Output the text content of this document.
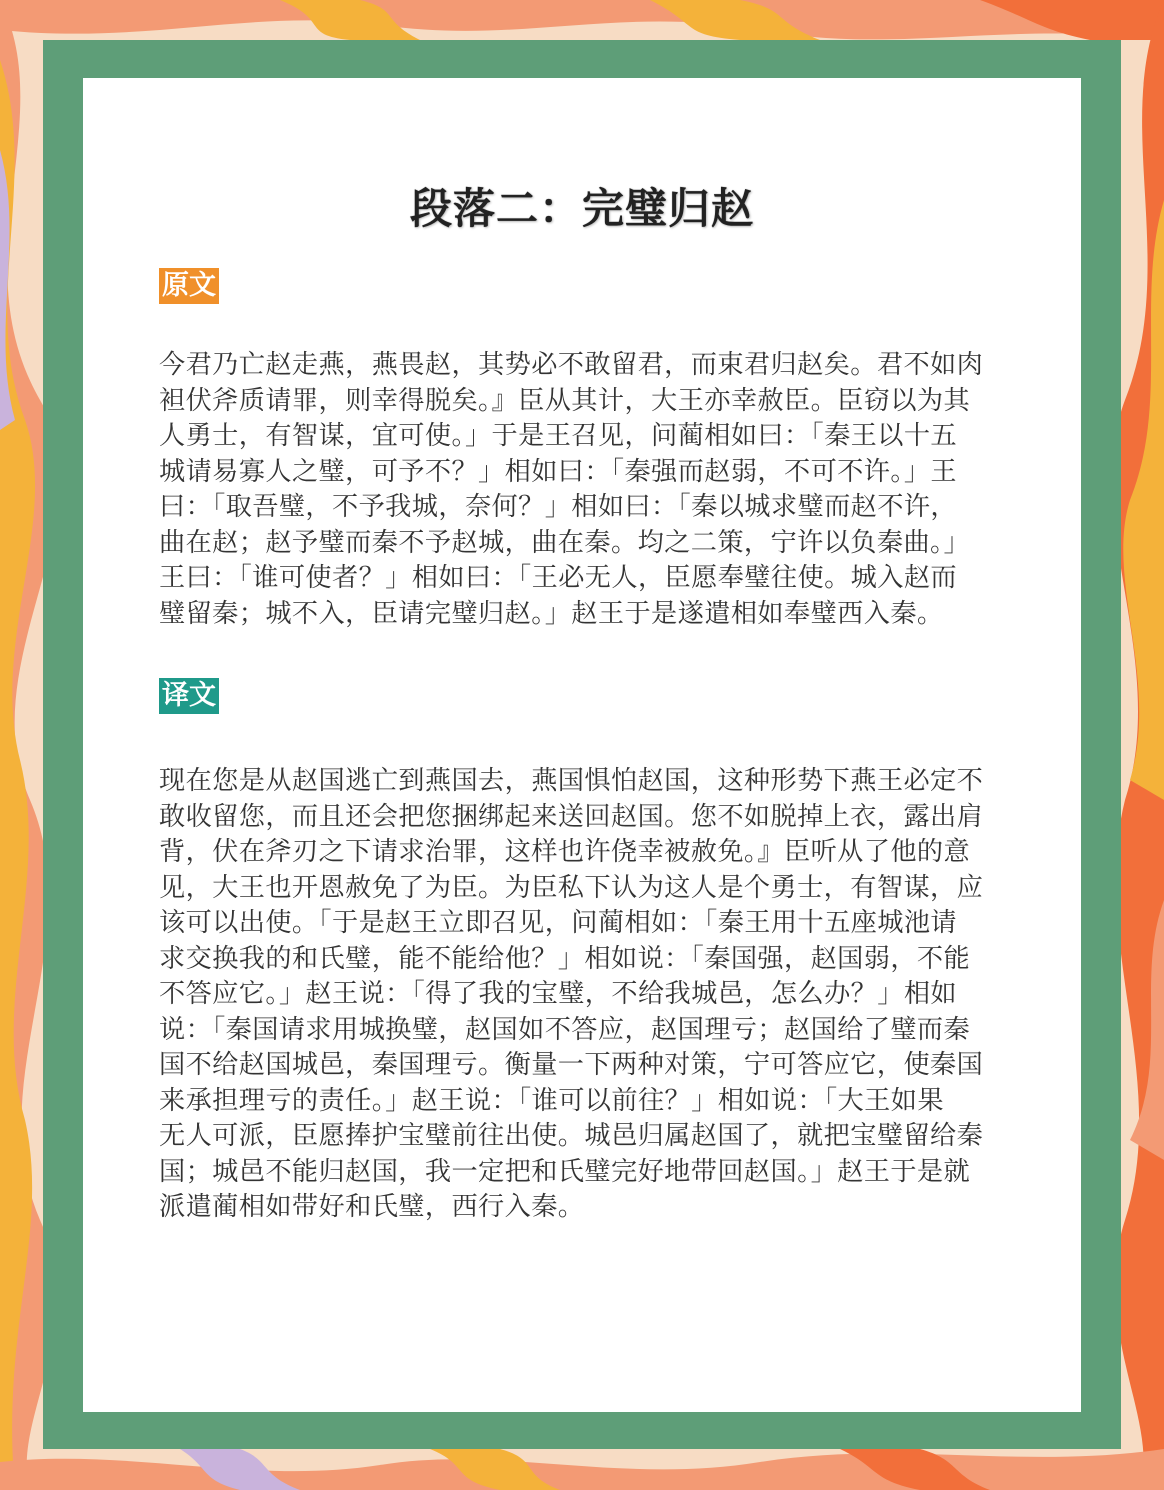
段落二：完璧归赵
原文
今君乃亡赵走燕，燕畏赵，其势必不敢留君，而束君归赵矣。君不如肉
袒伏斧质请罪，则幸得脱矣。』臣从其计，大王亦幸赦臣。臣窃以为其
人勇士，有智谋，宜可使。」于是王召见，问蔺相如曰：「秦王以十五
城请易寡人之璧，可予不？」相如曰：「秦强而赵弱，不可不许。」王
曰：「取吾璧，不予我城，奈何？」相如曰：「秦以城求璧而赵不许，
曲在赵；赵予璧而秦不予赵城，曲在秦。均之二策，宁许以负秦曲。」
王曰：「谁可使者？」相如曰：「王必无人，臣愿奉璧往使。城入赵而
璧留秦；城不入，臣请完璧归赵。」赵王于是遂遣相如奉璧西入秦。
译文
现在您是从赵国逃亡到燕国去，燕国惧怕赵国，这种形势下燕王必定不
敢收留您，而且还会把您捆绑起来送回赵国。您不如脱掉上衣，露出肩
背，伏在斧刃之下请求治罪，这样也许侥幸被赦免。』臣听从了他的意
见，大王也开恩赦免了为臣。为臣私下认为这人是个勇士，有智谋，应
该可以出使。「于是赵王立即召见，问蔺相如：「秦王用十五座城池请
求交换我的和氏璧，能不能给他？」相如说：「秦国强，赵国弱，不能
不答应它。」赵王说：「得了我的宝璧，不给我城邑，怎么办？」相如
说：「秦国请求用城换璧，赵国如不答应，赵国理亏；赵国给了璧而秦
国不给赵国城邑，秦国理亏。衡量一下两种对策，宁可答应它，使秦国
来承担理亏的责任。」赵王说：「谁可以前往？」相如说：「大王如果
无人可派，臣愿捧护宝璧前往出使。城邑归属赵国了，就把宝璧留给秦
国；城邑不能归赵国，我一定把和氏璧完好地带回赵国。」赵王于是就
派遣蔺相如带好和氏璧，西行入秦。
